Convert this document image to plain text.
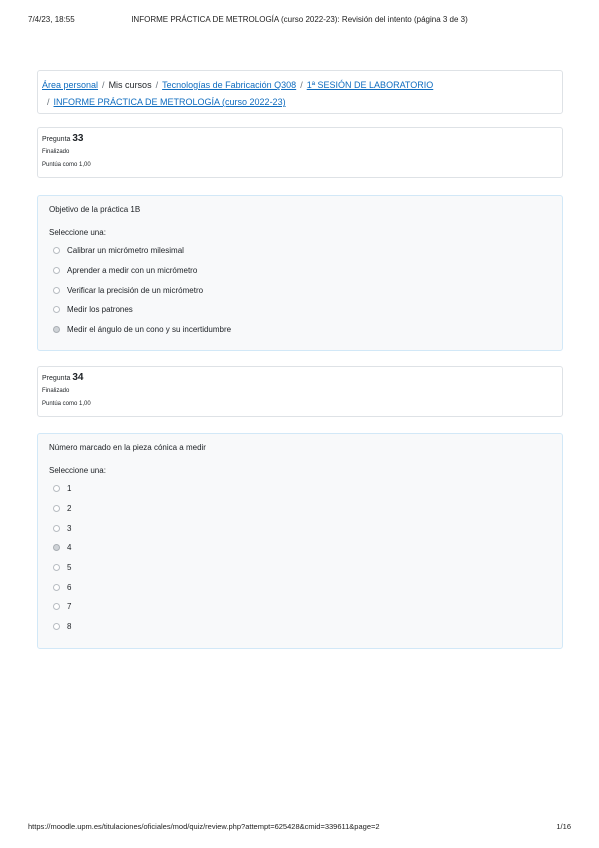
7/4/23, 18:55	INFORME PRÁCTICA DE METROLOGÍA (curso 2022-23): Revisión del intento (página 3 de 3)
Área personal / Mis cursos / Tecnologías de Fabricación Q308 / 1ª SESIÓN DE LABORATORIO
/ INFORME PRÁCTICA DE METROLOGÍA (curso 2022-23)
Pregunta 33
Finalizado
Puntúa como 1,00
Objetivo de la práctica 1B
Seleccione una:
Calibrar un micrómetro milesimal
Aprender a medir con un micrómetro
Verificar la precisión de un micrómetro
Medir los patrones
Medir el ángulo de un cono y su incertidumbre
Pregunta 34
Finalizado
Puntúa como 1,00
Número marcado en la pieza cónica a medir
Seleccione una:
1
2
3
4
5
6
7
8
https://moodle.upm.es/titulaciones/oficiales/mod/quiz/review.php?attempt=625428&cmid=339611&page=2	1/16
